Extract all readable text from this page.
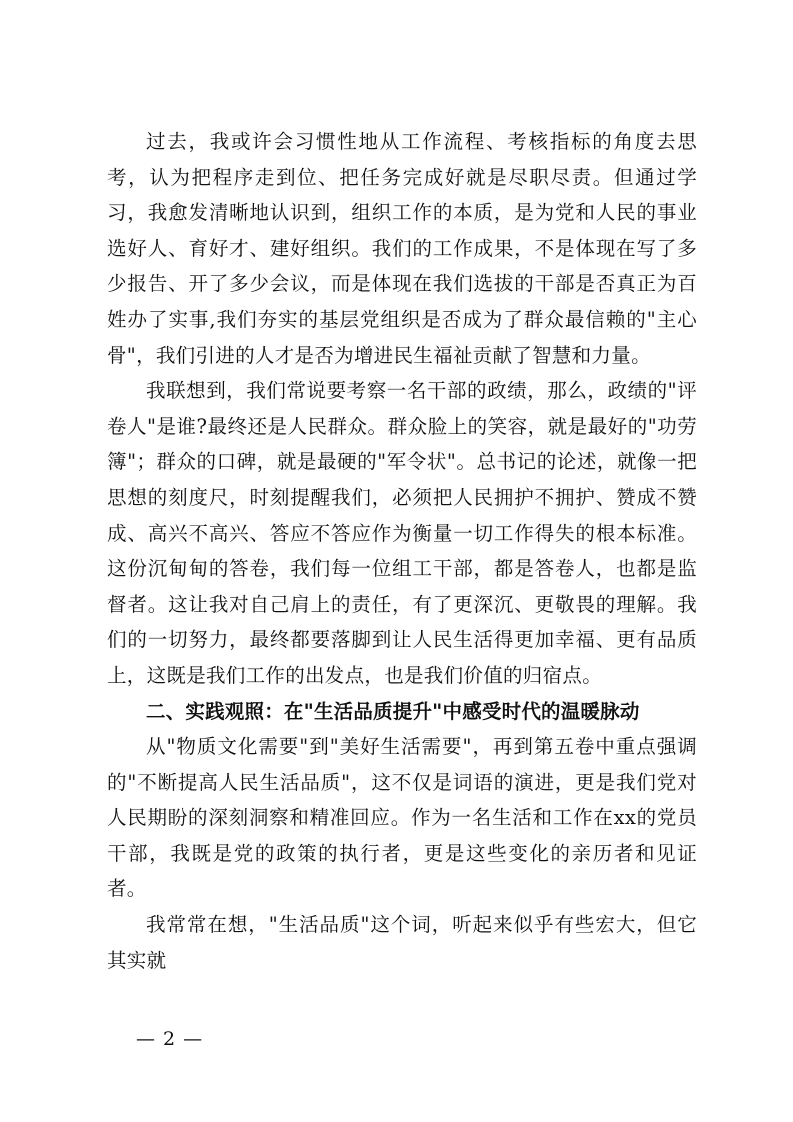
过去，我或许会习惯性地从工作流程、考核指标的角度去思考，认为把程序走到位、把任务完成好就是尽职尽责。但通过学习，我愈发清晰地认识到，组织工作的本质，是为党和人民的事业选好人、育好才、建好组织。我们的工作成果，不是体现在写了多少报告、开了多少会议，而是体现在我们选拔的干部是否真正为百姓办了实事,我们夯实的基层党组织是否成为了群众最信赖的"主心骨"，我们引进的人才是否为增进民生福祉贡献了智慧和力量。

我联想到，我们常说要考察一名干部的政绩，那么，政绩的"评卷人"是谁?最终还是人民群众。群众脸上的笑容，就是最好的"功劳簿"；群众的口碑，就是最硬的"军令状"。总书记的论述，就像一把思想的刻度尺，时刻提醒我们，必须把人民拥护不拥护、赞成不赞成、高兴不高兴、答应不答应作为衡量一切工作得失的根本标准。这份沉甸甸的答卷，我们每一位组工干部，都是答卷人，也都是监督者。这让我对自己肩上的责任，有了更深沉、更敬畏的理解。我们的一切努力，最终都要落脚到让人民生活得更加幸福、更有品质上，这既是我们工作的出发点，也是我们价值的归宿点。

二、实践观照：在"生活品质提升"中感受时代的温暖脉动

从"物质文化需要"到"美好生活需要"，再到第五卷中重点强调的"不断提高人民生活品质"，这不仅是词语的演进，更是我们党对人民期盼的深刻洞察和精准回应。作为一名生活和工作在xx的党员干部，我既是党的政策的执行者，更是这些变化的亲历者和见证者。

我常常在想，"生活品质"这个词，听起来似乎有些宏大，但它其实就

— 2 —
